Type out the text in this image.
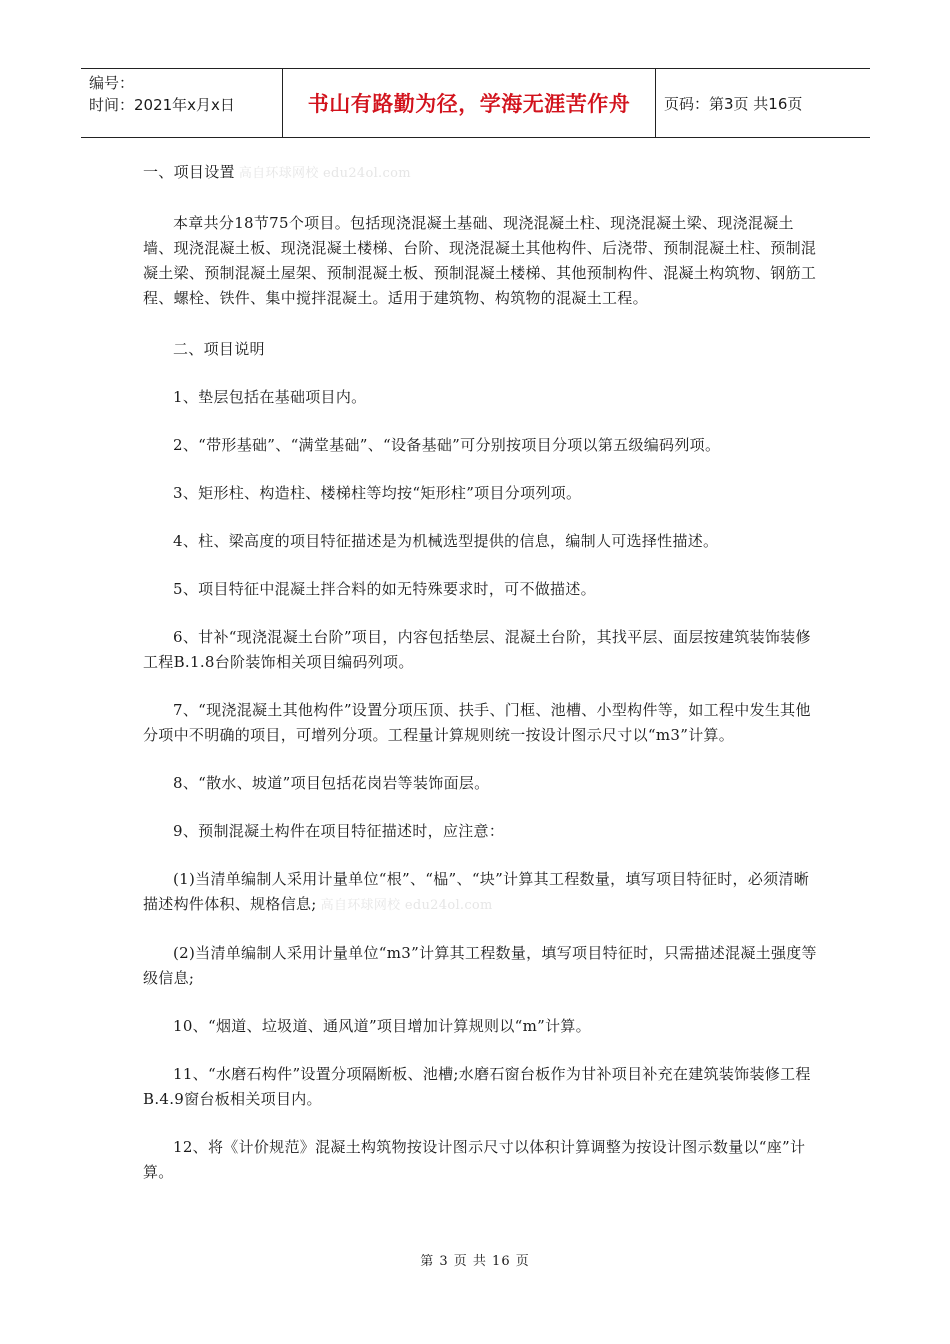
编号：
时间：2021年x月x日	书山有路勤为径，学海无涯苦作舟 页码：第3页 共16页

一、项目设置 高自环球网校 edu24ol.com

本章共分18节75个项目。包括现浇混凝土基础、现浇混凝土柱、现浇混凝土梁、现浇混凝土墙、现浇混凝土板、现浇混凝土楼梯、台阶、现浇混凝土其他构件、后浇带、预制混凝土柱、预制混凝土梁、预制混凝土屋架、预制混凝土板、预制混凝土楼梯、其他预制构件、混凝土构筑物、钢筋工程、螺栓、铁件、集中搅拌混凝土。适用于建筑物、构筑物的混凝土工程。

二、项目说明

1、垫层包括在基础项目内。

2、“带形基础”、“满堂基础”、“设备基础”可分别按项目分项以第五级编码列项。

3、矩形柱、构造柱、楼梯柱等均按“矩形柱”项目分项列项。

4、柱、梁高度的项目特征描述是为机械选型提供的信息，编制人可选择性描述。

5、项目特征中混凝土拌合料的如无特殊要求时，可不做描述。

6、甘补“现浇混凝土台阶”项目，内容包括垫层、混凝土台阶，其找平层、面层按建筑装饰装修工程B.1.8台阶装饰相关项目编码列项。

7、“现浇混凝土其他构件”设置分项压顶、扶手、门框、池槽、小型构件等，如工程中发生其他分项中不明确的项目，可增列分项。工程量计算规则统一按设计图示尺寸以“m3”计算。

8、“散水、坡道”项目包括花岗岩等装饰面层。

9、预制混凝土构件在项目特征描述时，应注意：

(1)当清单编制人采用计量单位“根”、“榀”、“块”计算其工程数量，填写项目特征时，必须清晰描述构件体积、规格信息; 高自环球网校 edu24ol.com

(2)当清单编制人采用计量单位“m3”计算其工程数量，填写项目特征时，只需描述混凝土强度等级信息;

10、“烟道、垃圾道、通风道”项目增加计算规则以“m”计算。

11、“水磨石构件”设置分项隔断板、池槽;水磨石窗台板作为甘补项目补充在建筑装饰装修工程B.4.9窗台板相关项目内。

12、将《计价规范》混凝土构筑物按设计图示尺寸以体积计算调整为按设计图示数量以“座”计算。

第 3 页 共 16 页
